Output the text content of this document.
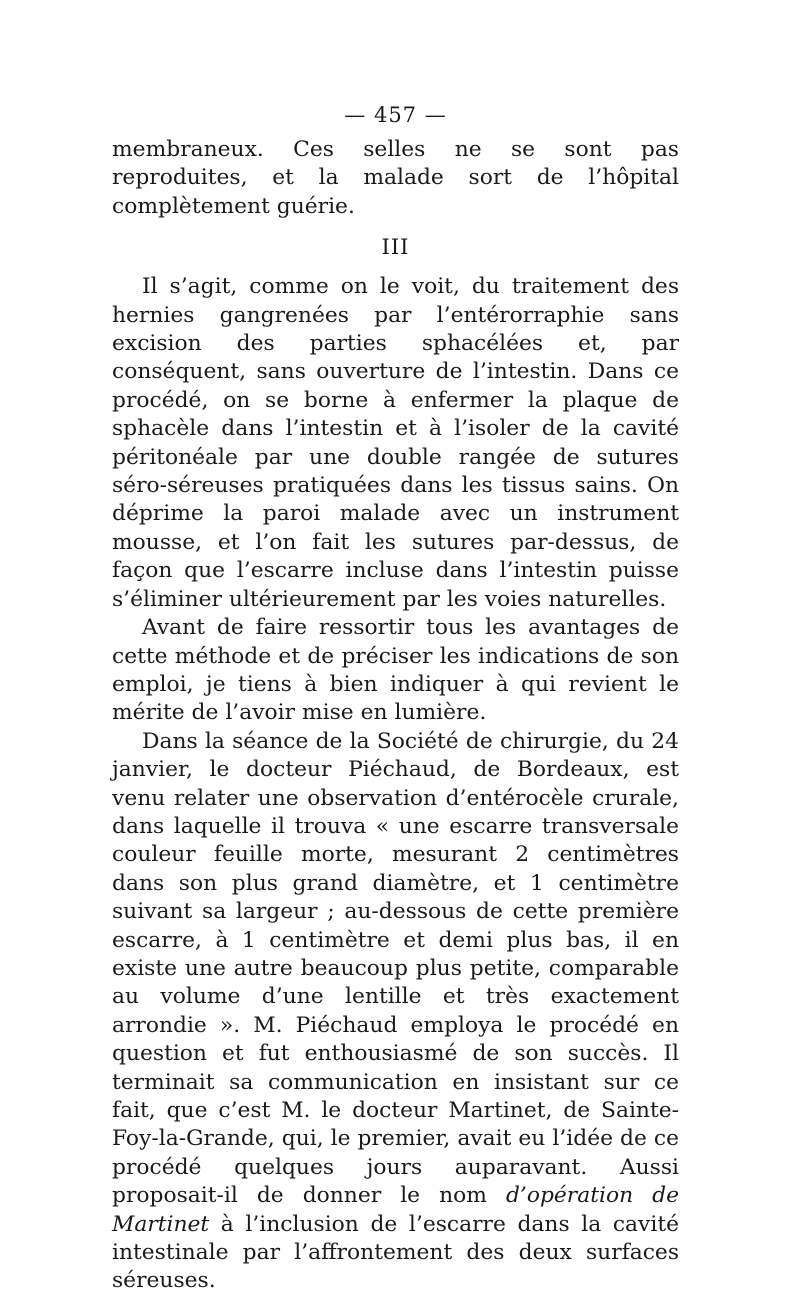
— 457 —

membraneux. Ces selles ne se sont pas reproduites, et la malade sort de l’hôpital complètement guérie.

III

Il s’agit, comme on le voit, du traitement des hernies gangrenées par l’entérorraphie sans excision des parties sphacélées et, par conséquent, sans ouverture de l’intestin. Dans ce procédé, on se borne à enfermer la plaque de sphacèle dans l’intestin et à l’isoler de la cavité péritonéale par une double rangée de sutures séro-séreuses pratiquées dans les tissus sains. On déprime la paroi malade avec un instrument mousse, et l’on fait les sutures par-dessus, de façon que l’escarre incluse dans l’intestin puisse s’éliminer ultérieurement par les voies naturelles.

Avant de faire ressortir tous les avantages de cette méthode et de préciser les indications de son emploi, je tiens à bien indiquer à qui revient le mérite de l’avoir mise en lumière.

Dans la séance de la Société de chirurgie, du 24 janvier, le docteur Piéchaud, de Bordeaux, est venu relater une observation d’entérocèle crurale, dans laquelle il trouva « une escarre transversale couleur feuille morte, mesurant 2 centimètres dans son plus grand diamètre, et 1 centimètre suivant sa largeur ; au-dessous de cette première escarre, à 1 centimètre et demi plus bas, il en existe une autre beaucoup plus petite, comparable au volume d’une lentille et très exactement arrondie ». M. Piéchaud employa le procédé en question et fut enthousiasmé de son succès. Il terminait sa communication en insistant sur ce fait, que c’est M. le docteur Martinet, de Sainte-Foy-la-Grande, qui, le premier, avait eu l’idée de ce procédé quelques jours auparavant. Aussi proposait-il de donner le nom d’opération de Martinet à l’inclusion de l’escarre dans la cavité intestinale par l’affrontement des deux surfaces séreuses.
